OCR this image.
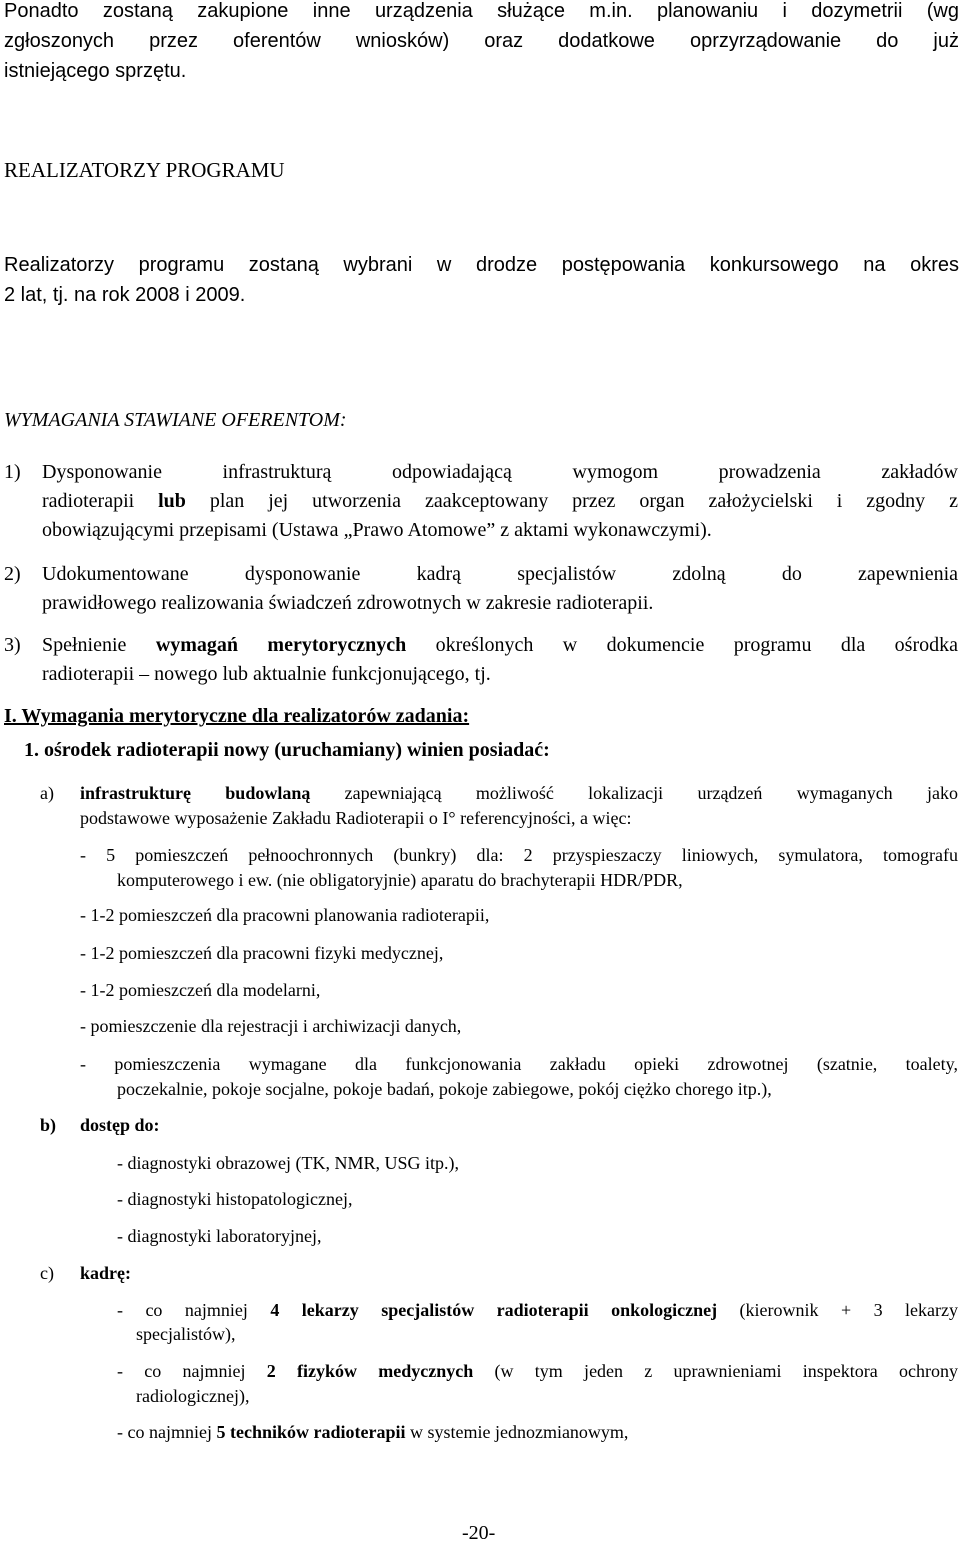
Ponadto zostaną zakupione inne urządzenia służące m.in. planowaniu i dozymetrii (wg
zgłoszonych przez oferentów wniosków) oraz dodatkowe oprzyrządowanie do już
istniejącego sprzętu.
REALIZATORZY PROGRAMU
Realizatorzy programu zostaną wybrani w drodze postępowania konkursowego na okres
2 lat, tj. na rok 2008 i 2009.
WYMAGANIA STAWIANE OFERENTOM:
1) Dysponowanie infrastrukturą odpowiadającą wymogom prowadzenia zakładów
radioterapii lub plan jej utworzenia zaakceptowany przez organ założycielski i zgodny z
obowiązującymi przepisami (Ustawa „Prawo Atomowe” z aktami wykonawczymi).
2) Udokumentowane dysponowanie kadrą specjalistów zdolną do zapewnienia
prawidłowego realizowania świadczeń zdrowotnych w zakresie radioterapii.
3) Spełnienie wymagań merytorycznych określonych w dokumencie programu dla ośrodka
radioterapii – nowego lub aktualnie funkcjonującego, tj.
I. Wymagania merytoryczne dla realizatorów zadania:
1. ośrodek radioterapii nowy (uruchamiany) winien posiadać:
a) infrastrukturę budowlaną zapewniającą możliwość lokalizacji urządzeń wymaganych jako
podstawowe wyposażenie Zakładu Radioterapii o I° referencyjności, a więc:
- 5 pomieszczeń pełnoochronnych (bunkry) dla: 2 przyspieszaczy liniowych, symulatora, tomografu
komputerowego i ew. (nie obligatoryjnie) aparatu do brachyterapii HDR/PDR,
- 1-2 pomieszczeń dla pracowni planowania radioterapii,
- 1-2 pomieszczeń dla pracowni fizyki medycznej,
- 1-2 pomieszczeń dla modelarni,
- pomieszczenie dla rejestracji i archiwizacji danych,
- pomieszczenia wymagane dla funkcjonowania zakładu opieki zdrowotnej (szatnie, toalety,
poczekalnie, pokoje socjalne, pokoje badań, pokoje zabiegowe, pokój ciężko chorego itp.),
b) dostęp do:
- diagnostyki obrazowej (TK, NMR, USG itp.),
- diagnostyki histopatologicznej,
- diagnostyki laboratoryjnej,
c) kadrę:
- co najmniej 4 lekarzy specjalistów radioterapii onkologicznej (kierownik + 3 lekarzy
specjalistów),
- co najmniej 2 fizyków medycznych (w tym jeden z uprawnieniami inspektora ochrony
radiologicznej),
- co najmniej 5 techników radioterapii w systemie jednozmianowym,
-20-
